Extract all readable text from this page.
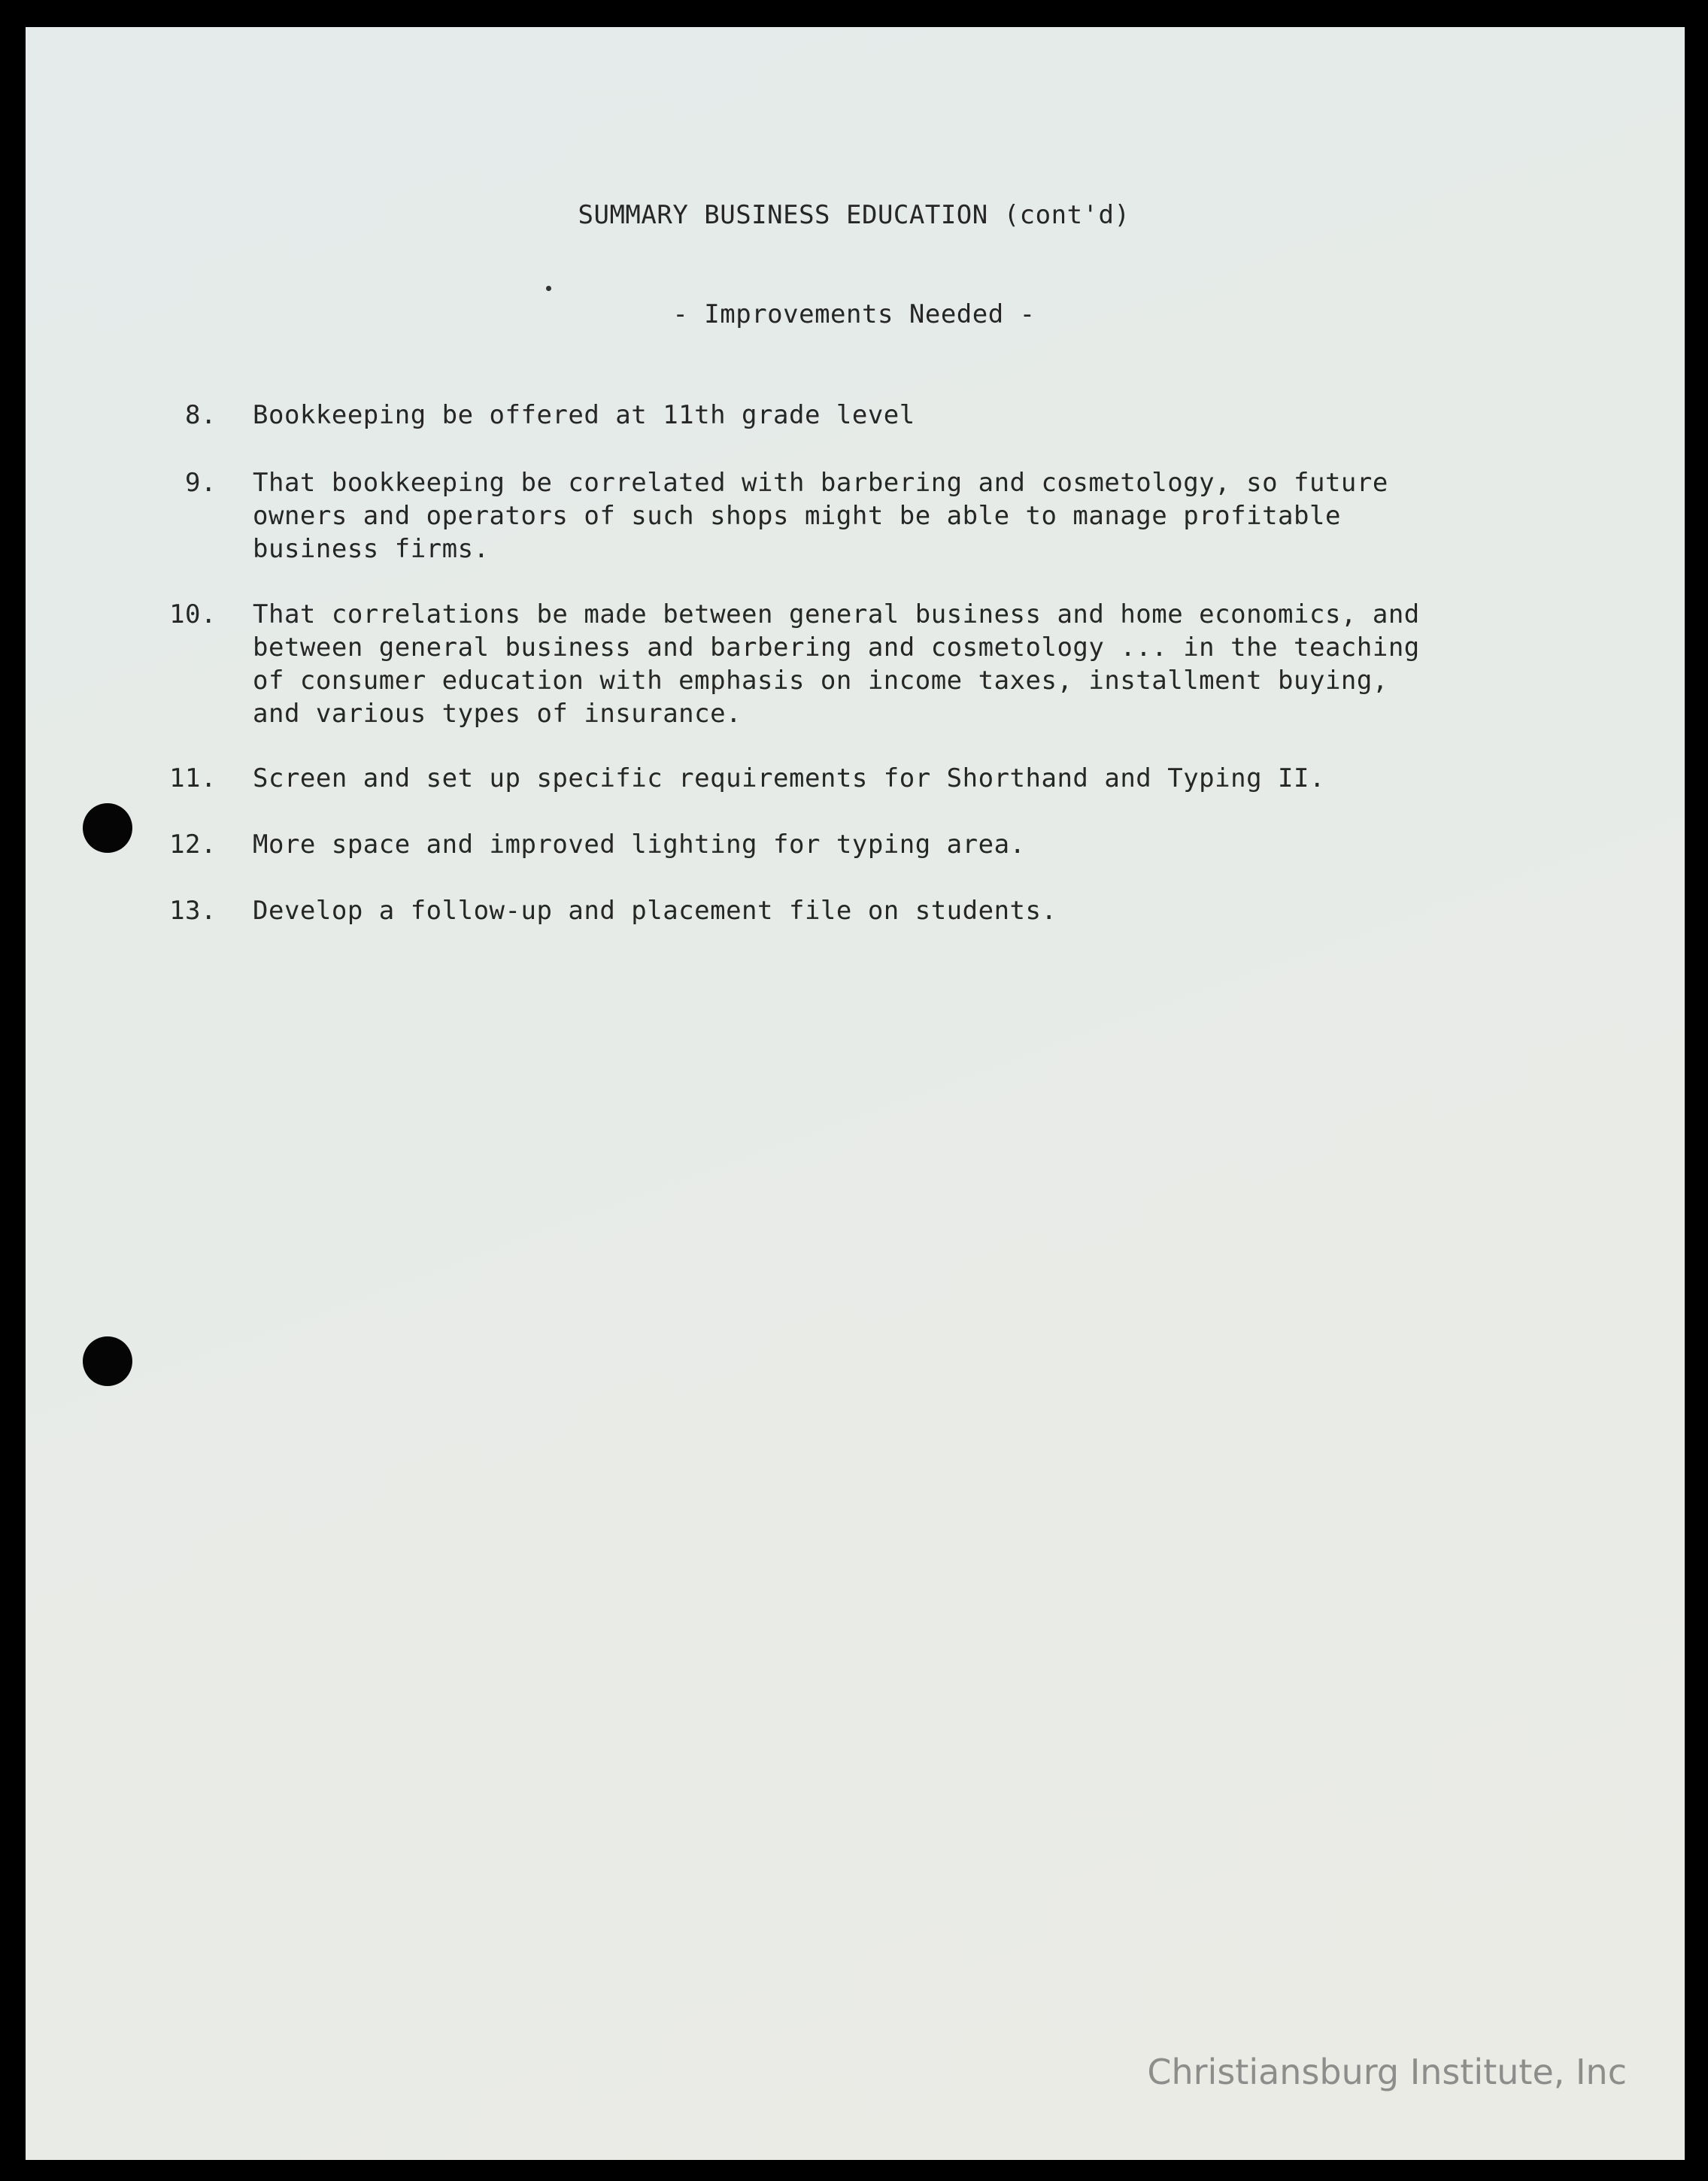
SUMMARY BUSINESS EDUCATION (cont'd)
- Improvements Needed -
8. Bookkeeping be offered at 11th grade level
9. That bookkeeping be correlated with barbering and cosmetology, so future
owners and operators of such shops might be able to manage profitable
business firms.
10. That correlations be made between general business and home economics, and
between general business and barbering and cosmetology ... in the teaching
of consumer education with emphasis on income taxes, installment buying,
and various types of insurance.
11. Screen and set up specific requirements for Shorthand and Typing II.
12. More space and improved lighting for typing area.
13. Develop a follow-up and placement file on students.
Christiansburg Institute, Inc
